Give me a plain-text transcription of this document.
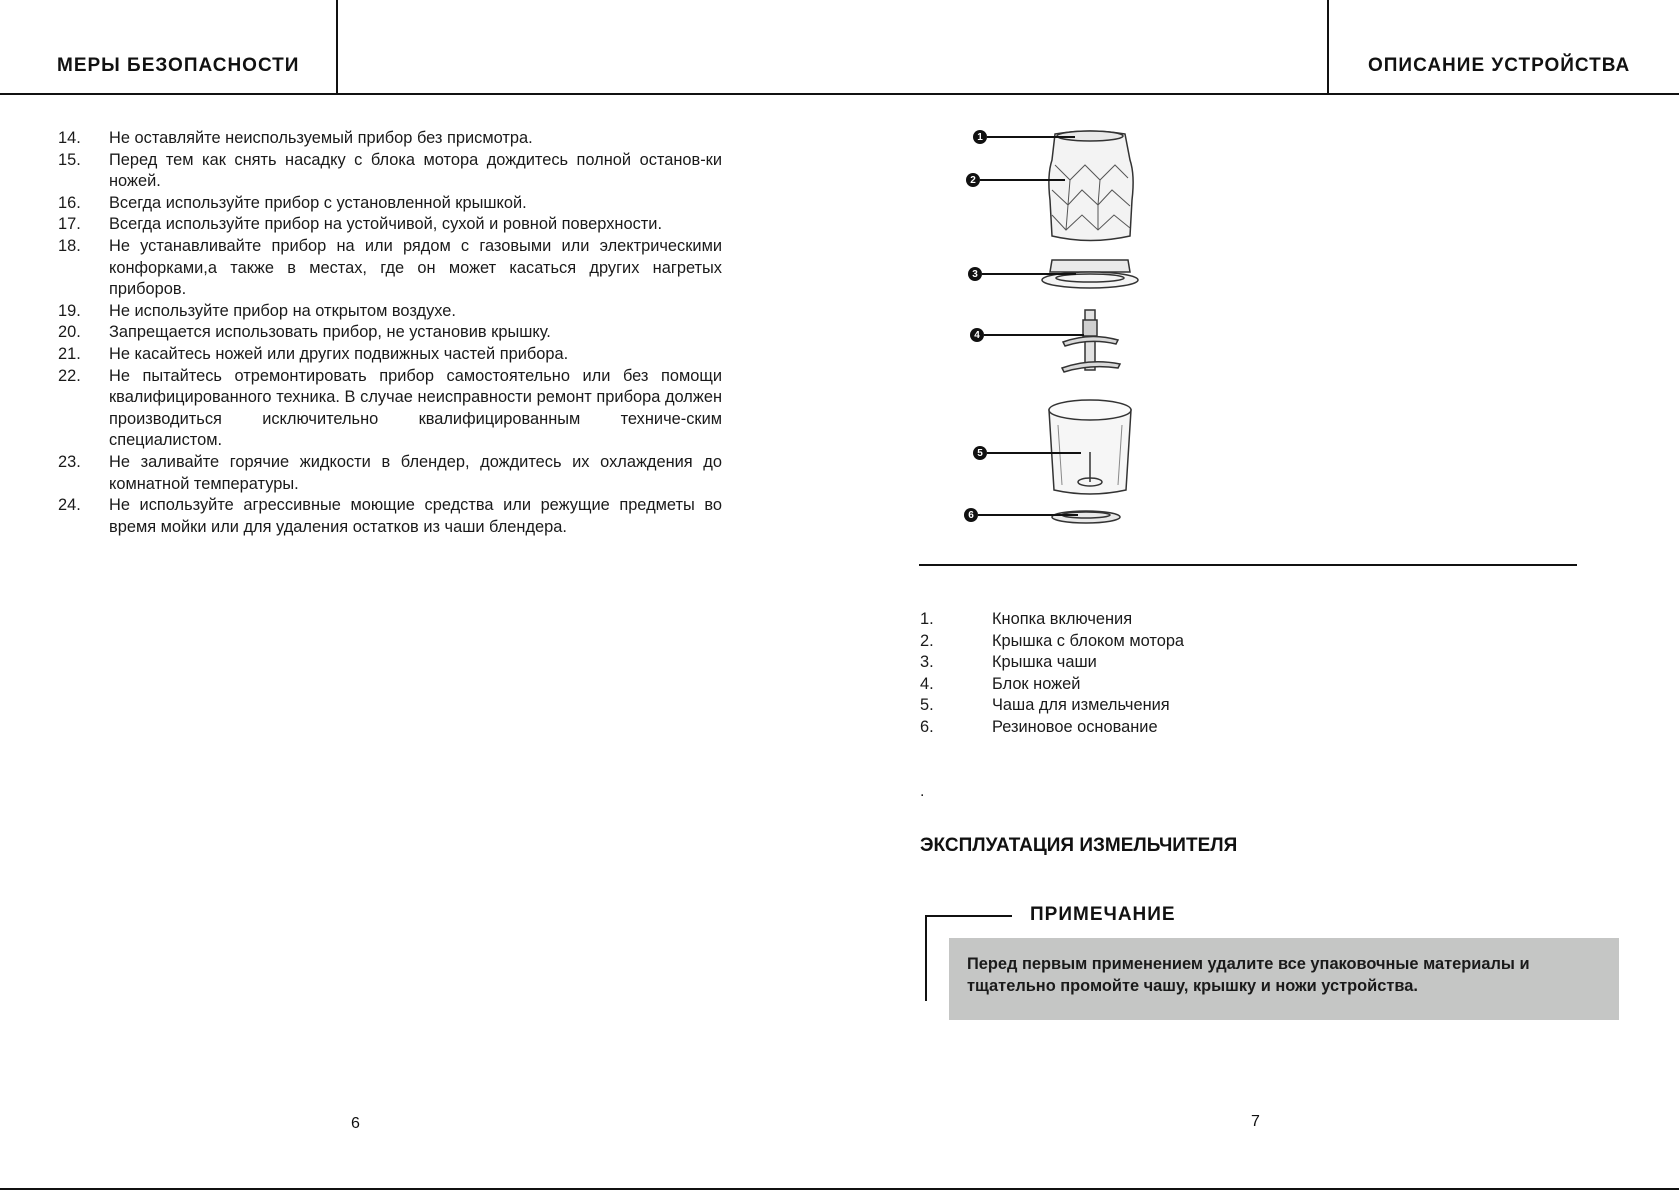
МЕРЫ БЕЗОПАСНОСТИ
14.	Не оставляйте неиспользуемый прибор без присмотра.
15.	Перед тем как снять насадку с блока мотора дождитесь полной останов-ки ножей.
16.	Всегда используйте прибор с установленной крышкой.
17.	Всегда используйте прибор на устойчивой, сухой и ровной поверхности.
18.	Не устанавливайте прибор на или рядом с газовыми или электрическими конфорками,а также в местах, где он может касаться других нагретых приборов.
19.	Не используйте прибор на открытом воздухе.
20.	Запрещается использовать прибор, не установив крышку.
21.	Не касайтесь ножей или других подвижных частей прибора.
22.	Не пытайтесь отремонтировать прибор самостоятельно или без помощи квалифицированного техника. В случае неисправности ремонт прибора должен производиться исключительно квалифицированным техниче-ским специалистом.
23.	Не заливайте горячие жидкости в блендер, дождитесь их охлаждения до комнатной температуры.
24.	Не используйте агрессивные моющие средства или режущие предметы во время мойки или для удаления остатков из чаши блендера.
6
ОПИСАНИЕ УСТРОЙСТВА
1
2
3
4
5
6
1.	Кнопка включения
2.	Крышка с блоком мотора
3.	Крышка чаши
4.	Блок ножей
5.	Чаша для измельчения
6.	Резиновое основание
.
ЭКСПЛУАТАЦИЯ ИЗМЕЛЬЧИТЕЛЯ
ПРИМЕЧАНИЕ
Перед первым применением удалите все упаковочные материалы и тщательно промойте чашу, крышку и ножи устройства.
7
